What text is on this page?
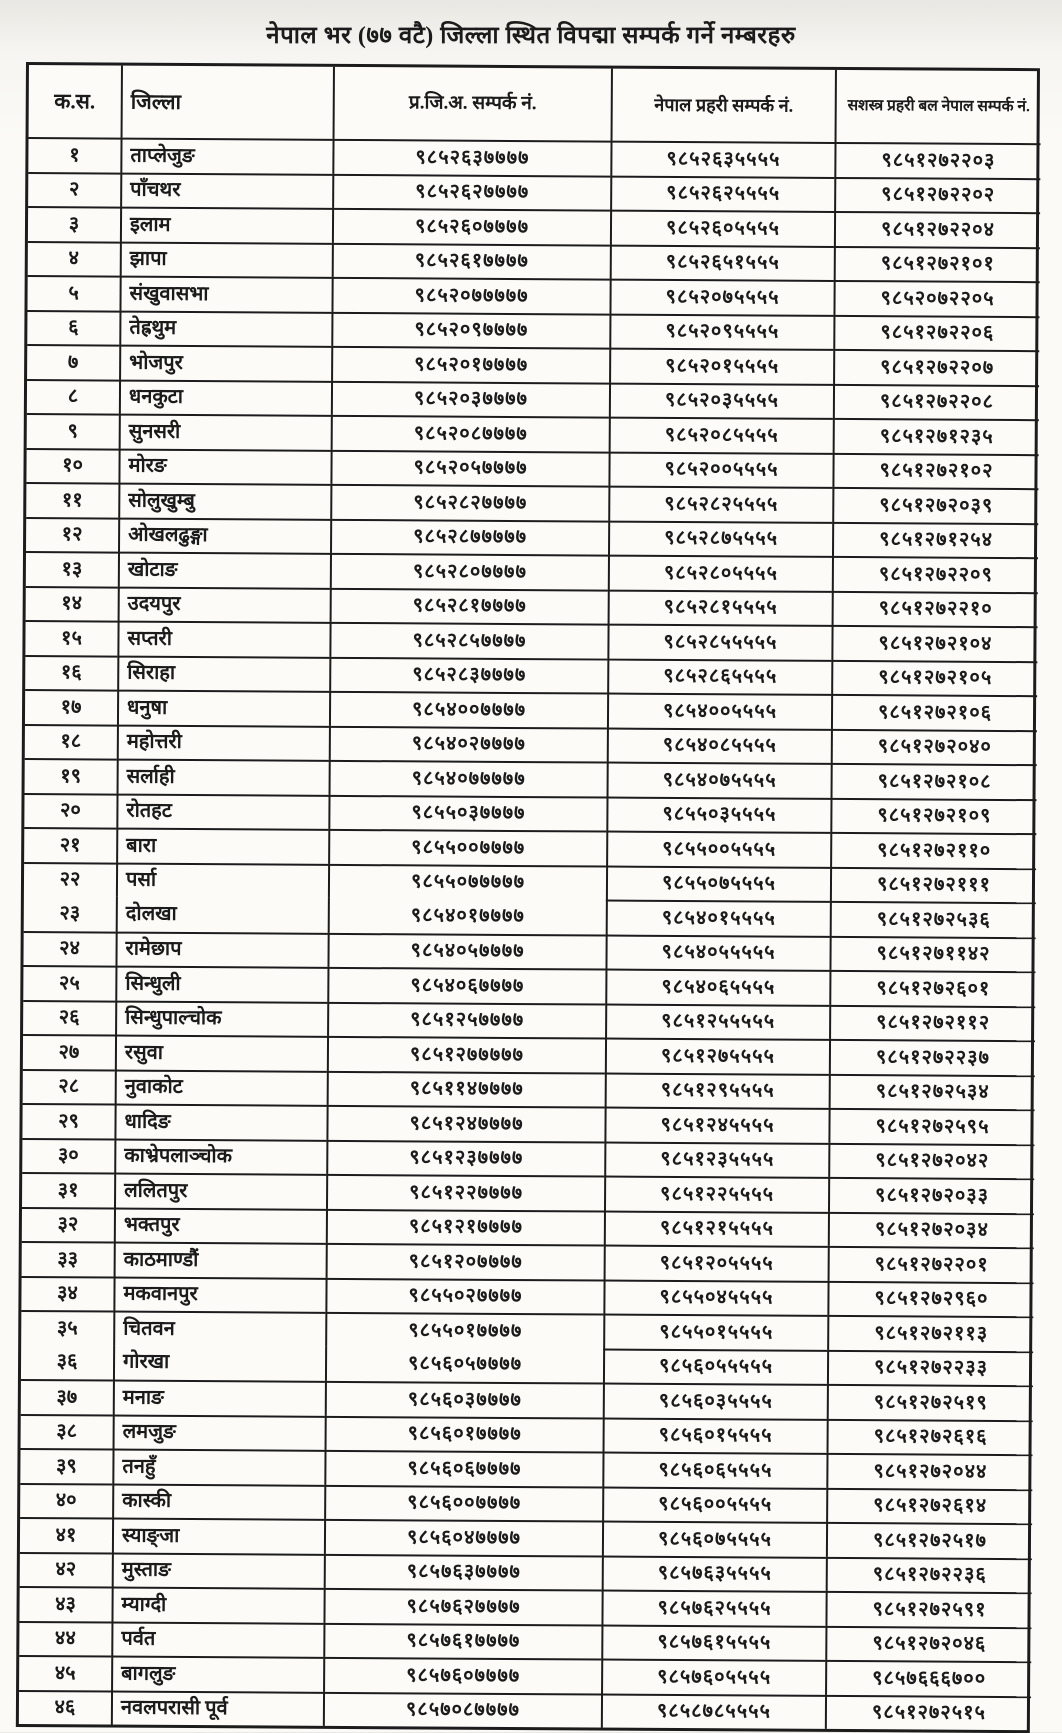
नेपाल भर (७७ वटै) जिल्ला स्थित विपद्मा सम्पर्क गर्ने नम्बरहरु
क.स.	जिल्ला	प्र.जि.अ. सम्पर्क नं.	नेपाल प्रहरी सम्पर्क नं.	सशस्त्र प्रहरी बल नेपाल सम्पर्क नं.
१	ताप्लेजुङ	९८५२६३७७७७	९८५२६३५५५५	९८५१२७२२०३
२	पाँचथर	९८५२६२७७७७	९८५२६२५५५५	९८५१२७२२०२
३	इलाम	९८५२६०७७७७	९८५२६०५५५५	९८५१२७२२०४
४	झापा	९८५२६१७७७७	९८५२६५१५५५	९८५१२७२१०१
५	संखुवासभा	९८५२०७७७७७	९८५२०७५५५५	९८५२०७२२०५
६	तेह्रथुम	९८५२०९७७७७	९८५२०९५५५५	९८५१२७२२०६
७	भोजपुर	९८५२०१७७७७	९८५२०१५५५५	९८५१२७२२०७
८	धनकुटा	९८५२०३७७७७	९८५२०३५५५५	९८५१२७२२०८
९	सुनसरी	९८५२०८७७७७	९८५२०८५५५५	९८५१२७१२३५
१०	मोरङ	९८५२०५७७७७	९८५२००५५५५	९८५१२७२१०२
११	सोलुखुम्बु	९८५२८२७७७७	९८५२८२५५५५	९८५१२७२०३९
१२	ओखलढुङ्गा	९८५२८७७७७७	९८५२८७५५५५	९८५१२७१२५४
१३	खोटाङ	९८५२८०७७७७	९८५२८०५५५५	९८५१२७२२०९
१४	उदयपुर	९८५२८१७७७७	९८५२८१५५५५	९८५१२७२२१०
१५	सप्तरी	९८५२८५७७७७	९८५२८५५५५५	९८५१२७२१०४
१६	सिराहा	९८५२८३७७७७	९८५२८६५५५५	९८५१२७२१०५
१७	धनुषा	९८५४००७७७७	९८५४००५५५५	९८५१२७२१०६
१८	महोत्तरी	९८५४०२७७७७	९८५४०८५५५५	९८५१२७२०४०
१९	सर्लाही	९८५४०७७७७७	९८५४०७५५५५	९८५१२७२१०८
२०	रोतहट	९८५५०३७७७७	९८५५०३५५५५	९८५१२७२१०९
२१	बारा	९८५५००७७७७	९८५५००५५५५	९८५१२७२११०
२२	पर्सा	९८५५०७७७७७	९८५५०७५५५५	९८५१२७२१११
२३	दोलखा	९८५४०१७७७७	९८५४०१५५५५	९८५१२७२५३६
२४	रामेछाप	९८५४०५७७७७	९८५४०५५५५५	९८५१२७११४२
२५	सिन्धुली	९८५४०६७७७७	९८५४०६५५५५	९८५१२७२६०१
२६	सिन्धुपाल्चोक	९८५१२५७७७७	९८५१२५५५५५	९८५१२७२११२
२७	रसुवा	९८५१२७७७७७	९८५१२७५५५५	९८५१२७२२३७
२८	नुवाकोट	९८५११४७७७७	९८५१२९५५५५	९८५१२७२५३४
२९	धादिङ	९८५१२४७७७७	९८५१२४५५५५	९८५१२७२५९५
३०	काभ्रेपलाञ्चोक	९८५१२३७७७७	९८५१२३५५५५	९८५१२७२०४२
३१	ललितपुर	९८५१२२७७७७	९८५१२२५५५५	९८५१२७२०३३
३२	भक्तपुर	९८५१२१७७७७	९८५१२१५५५५	९८५१२७२०३४
३३	काठमाण्डौं	९८५१२०७७७७	९८५१२०५५५५	९८५१२७२२०१
३४	मकवानपुर	९८५५०२७७७७	९८५५०४५५५५	९८५१२७२९६०
३५	चितवन	९८५५०१७७७७	९८५५०१५५५५	९८५१२७२११३
३६	गोरखा	९८५६०५७७७७	९८५६०५५५५५	९८५१२७२२३३
३७	मनाङ	९८५६०३७७७७	९८५६०३५५५५	९८५१२७२५१९
३८	लमजुङ	९८५६०१७७७७	९८५६०१५५५५	९८५१२७२६१६
३९	तनहुँ	९८५६०६७७७७	९८५६०६५५५५	९८५१२७२०४४
४०	कास्की	९८५६००७७७७	९८५६००५५५५	९८५१२७२६१४
४१	स्याङ्जा	९८५६०४७७७७	९८५६०७५५५५	९८५१२७२५१७
४२	मुस्ताङ	९८५७६३७७७७	९८५७६३५५५५	९८५१२७२२३६
४३	म्याग्दी	९८५७६२७७७७	९८५७६२५५५५	९८५१२७२५९१
४४	पर्वत	९८५७६१७७७७	९८५७६१५५५५	९८५१२७२०४६
४५	बागलुङ	९८५७६०७७७७	९८५७६०५५५५	९८५७६६६७००
४६	नवलपरासी पूर्व	९८५७०८७७७७	९८५८७८५५५५	९८५१२७२५१५
